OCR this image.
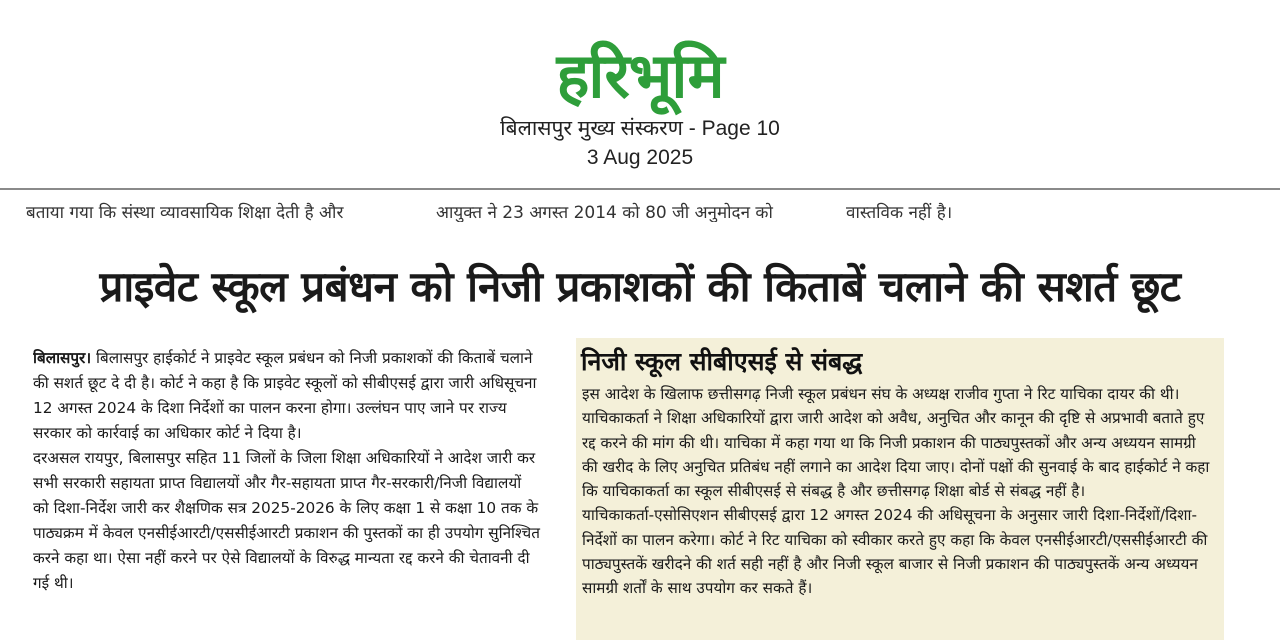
हरिभूमि
बिलासपुर मुख्य संस्करण - Page 10
3 Aug 2025
बताया गया कि संस्था व्यावसायिक शिक्षा देती है और	आयुक्त ने 23 अगस्त 2014 को 80 जी अनुमोदन को	वास्तविक नहीं है।
प्राइवेट स्कूल प्रबंधन को निजी प्रकाशकों की किताबें चलाने की सशर्त छूट

बिलासपुर। बिलासपुर हाईकोर्ट ने प्राइवेट स्कूल प्रबंधन को निजी प्रकाशकों की किताबें चलाने की सशर्त छूट दे दी है। कोर्ट ने कहा है कि प्राइवेट स्कूलों को सीबीएसई द्वारा जारी अधिसूचना 12 अगस्त 2024 के दिशा निर्देशों का पालन करना होगा। उल्लंघन पाए जाने पर राज्य सरकार को कार्रवाई का अधिकार कोर्ट ने दिया है।

दरअसल रायपुर, बिलासपुर सहित 11 जिलों के जिला शिक्षा अधिकारियों ने आदेश जारी कर सभी सरकारी सहायता प्राप्त विद्यालयों और गैर-सहायता प्राप्त गैर-सरकारी/निजी विद्यालयों को दिशा-निर्देश जारी कर शैक्षणिक सत्र 2025-2026 के लिए कक्षा 1 से कक्षा 10 तक के पाठ्यक्रम में केवल एनसीईआरटी/एससीईआरटी प्रकाशन की पुस्तकों का ही उपयोग सुनिश्चित करने कहा था। ऐसा नहीं करने पर ऐसे विद्यालयों के विरुद्ध मान्यता रद्द करने की चेतावनी दी गई थी।

निजी स्कूल सीबीएसई से संबद्ध

इस आदेश के खिलाफ छत्तीसगढ़ निजी स्कूल प्रबंधन संघ के अध्यक्ष राजीव गुप्ता ने रिट याचिका दायर की थी। याचिकाकर्ता ने शिक्षा अधिकारियों द्वारा जारी आदेश को अवैध, अनुचित और कानून की दृष्टि से अप्रभावी बताते हुए रद्द करने की मांग की थी। याचिका में कहा गया था कि निजी प्रकाशन की पाठ्यपुस्तकों और अन्य अध्ययन सामग्री की खरीद के लिए अनुचित प्रतिबंध नहीं लगाने का आदेश दिया जाए। दोनों पक्षों की सुनवाई के बाद हाईकोर्ट ने कहा कि याचिकाकर्ता का स्कूल सीबीएसई से संबद्ध है और छत्तीसगढ़ शिक्षा बोर्ड से संबद्ध नहीं है।

याचिकाकर्ता-एसोसिएशन सीबीएसई द्वारा 12 अगस्त 2024 की अधिसूचना के अनुसार जारी दिशा-निर्देशों/दिशा-निर्देशों का पालन करेगा। कोर्ट ने रिट याचिका को स्वीकार करते हुए कहा कि केवल एनसीईआरटी/एससीईआरटी की पाठ्यपुस्तकें खरीदने की शर्त सही नहीं है और निजी स्कूल बाजार से निजी प्रकाशन की पाठ्यपुस्तकें अन्य अध्ययन सामग्री शर्तों के साथ उपयोग कर सकते हैं।
